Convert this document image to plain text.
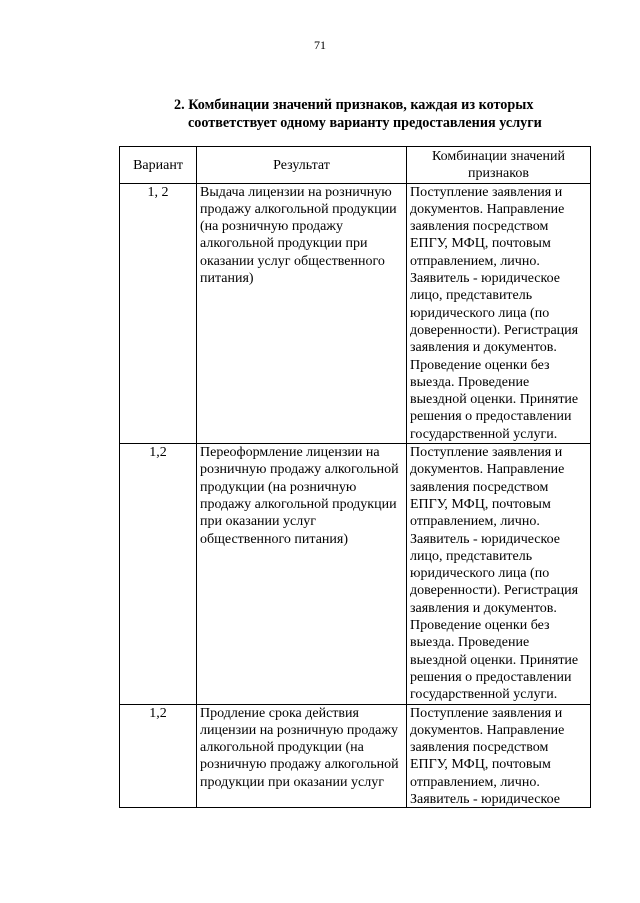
71
2. Комбинации значений признаков, каждая из которых
соответствует одному варианту предоставления услуги
Вариант	Результат	Комбинации значений признаков
1, 2	Выдача лицензии на розничную продажу алкогольной продукции (на розничную продажу алкогольной продукции при оказании услуг общественного питания)	Поступление заявления и документов. Направление заявления посредством ЕПГУ, МФЦ, почтовым отправлением, лично. Заявитель - юридическое лицо, представитель юридического лица (по доверенности). Регистрация заявления и документов. Проведение оценки без выезда. Проведение выездной оценки. Принятие решения о предоставлении государственной услуги.
1,2	Переоформление лицензии на розничную продажу алкогольной продукции (на розничную продажу алкогольной продукции при оказании услуг общественного питания)	Поступление заявления и документов. Направление заявления посредством ЕПГУ, МФЦ, почтовым отправлением, лично. Заявитель - юридическое лицо, представитель юридического лица (по доверенности). Регистрация заявления и документов. Проведение оценки без выезда. Проведение выездной оценки. Принятие решения о предоставлении государственной услуги.

1,2	Продление срока действия лицензии на розничную продажу алкогольной продукции (на розничную продажу алкогольной продукции при оказании услуг	Поступление заявления и документов. Направление заявления посредством ЕПГУ, МФЦ, почтовым отправлением, лично. Заявитель - юридическое
